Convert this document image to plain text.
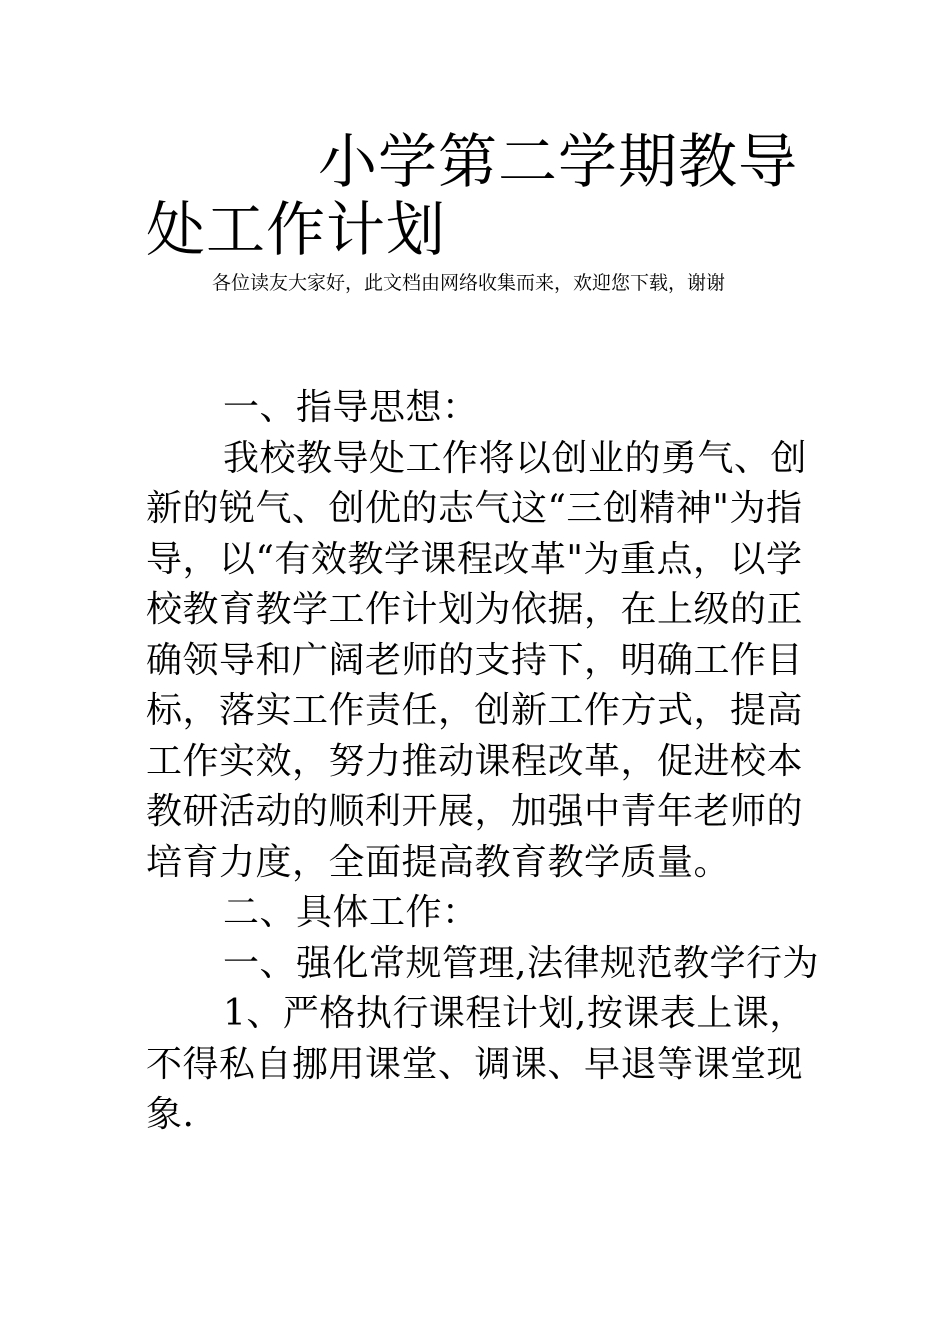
小学第二学期教导处工作计划

各位读友大家好，此文档由网络收集而来，欢迎您下载，谢谢

一、指导思想：

我校教导处工作将以创业的勇气、创新的锐气、创优的志气这“三创精神"为指导，以“有效教学课程改革"为重点，以学校教育教学工作计划为依据，在上级的正确领导和广阔老师的支持下，明确工作目标，落实工作责任，创新工作方式，提高工作实效，努力推动课程改革，促进校本教研活动的顺利开展，加强中青年老师的培育力度，全面提高教育教学质量。

二、具体工作：

一、强化常规管理,法律规范教学行为

1、严格执行课程计划,按课表上课，不得私自挪用课堂、调课、早退等课堂现象.
